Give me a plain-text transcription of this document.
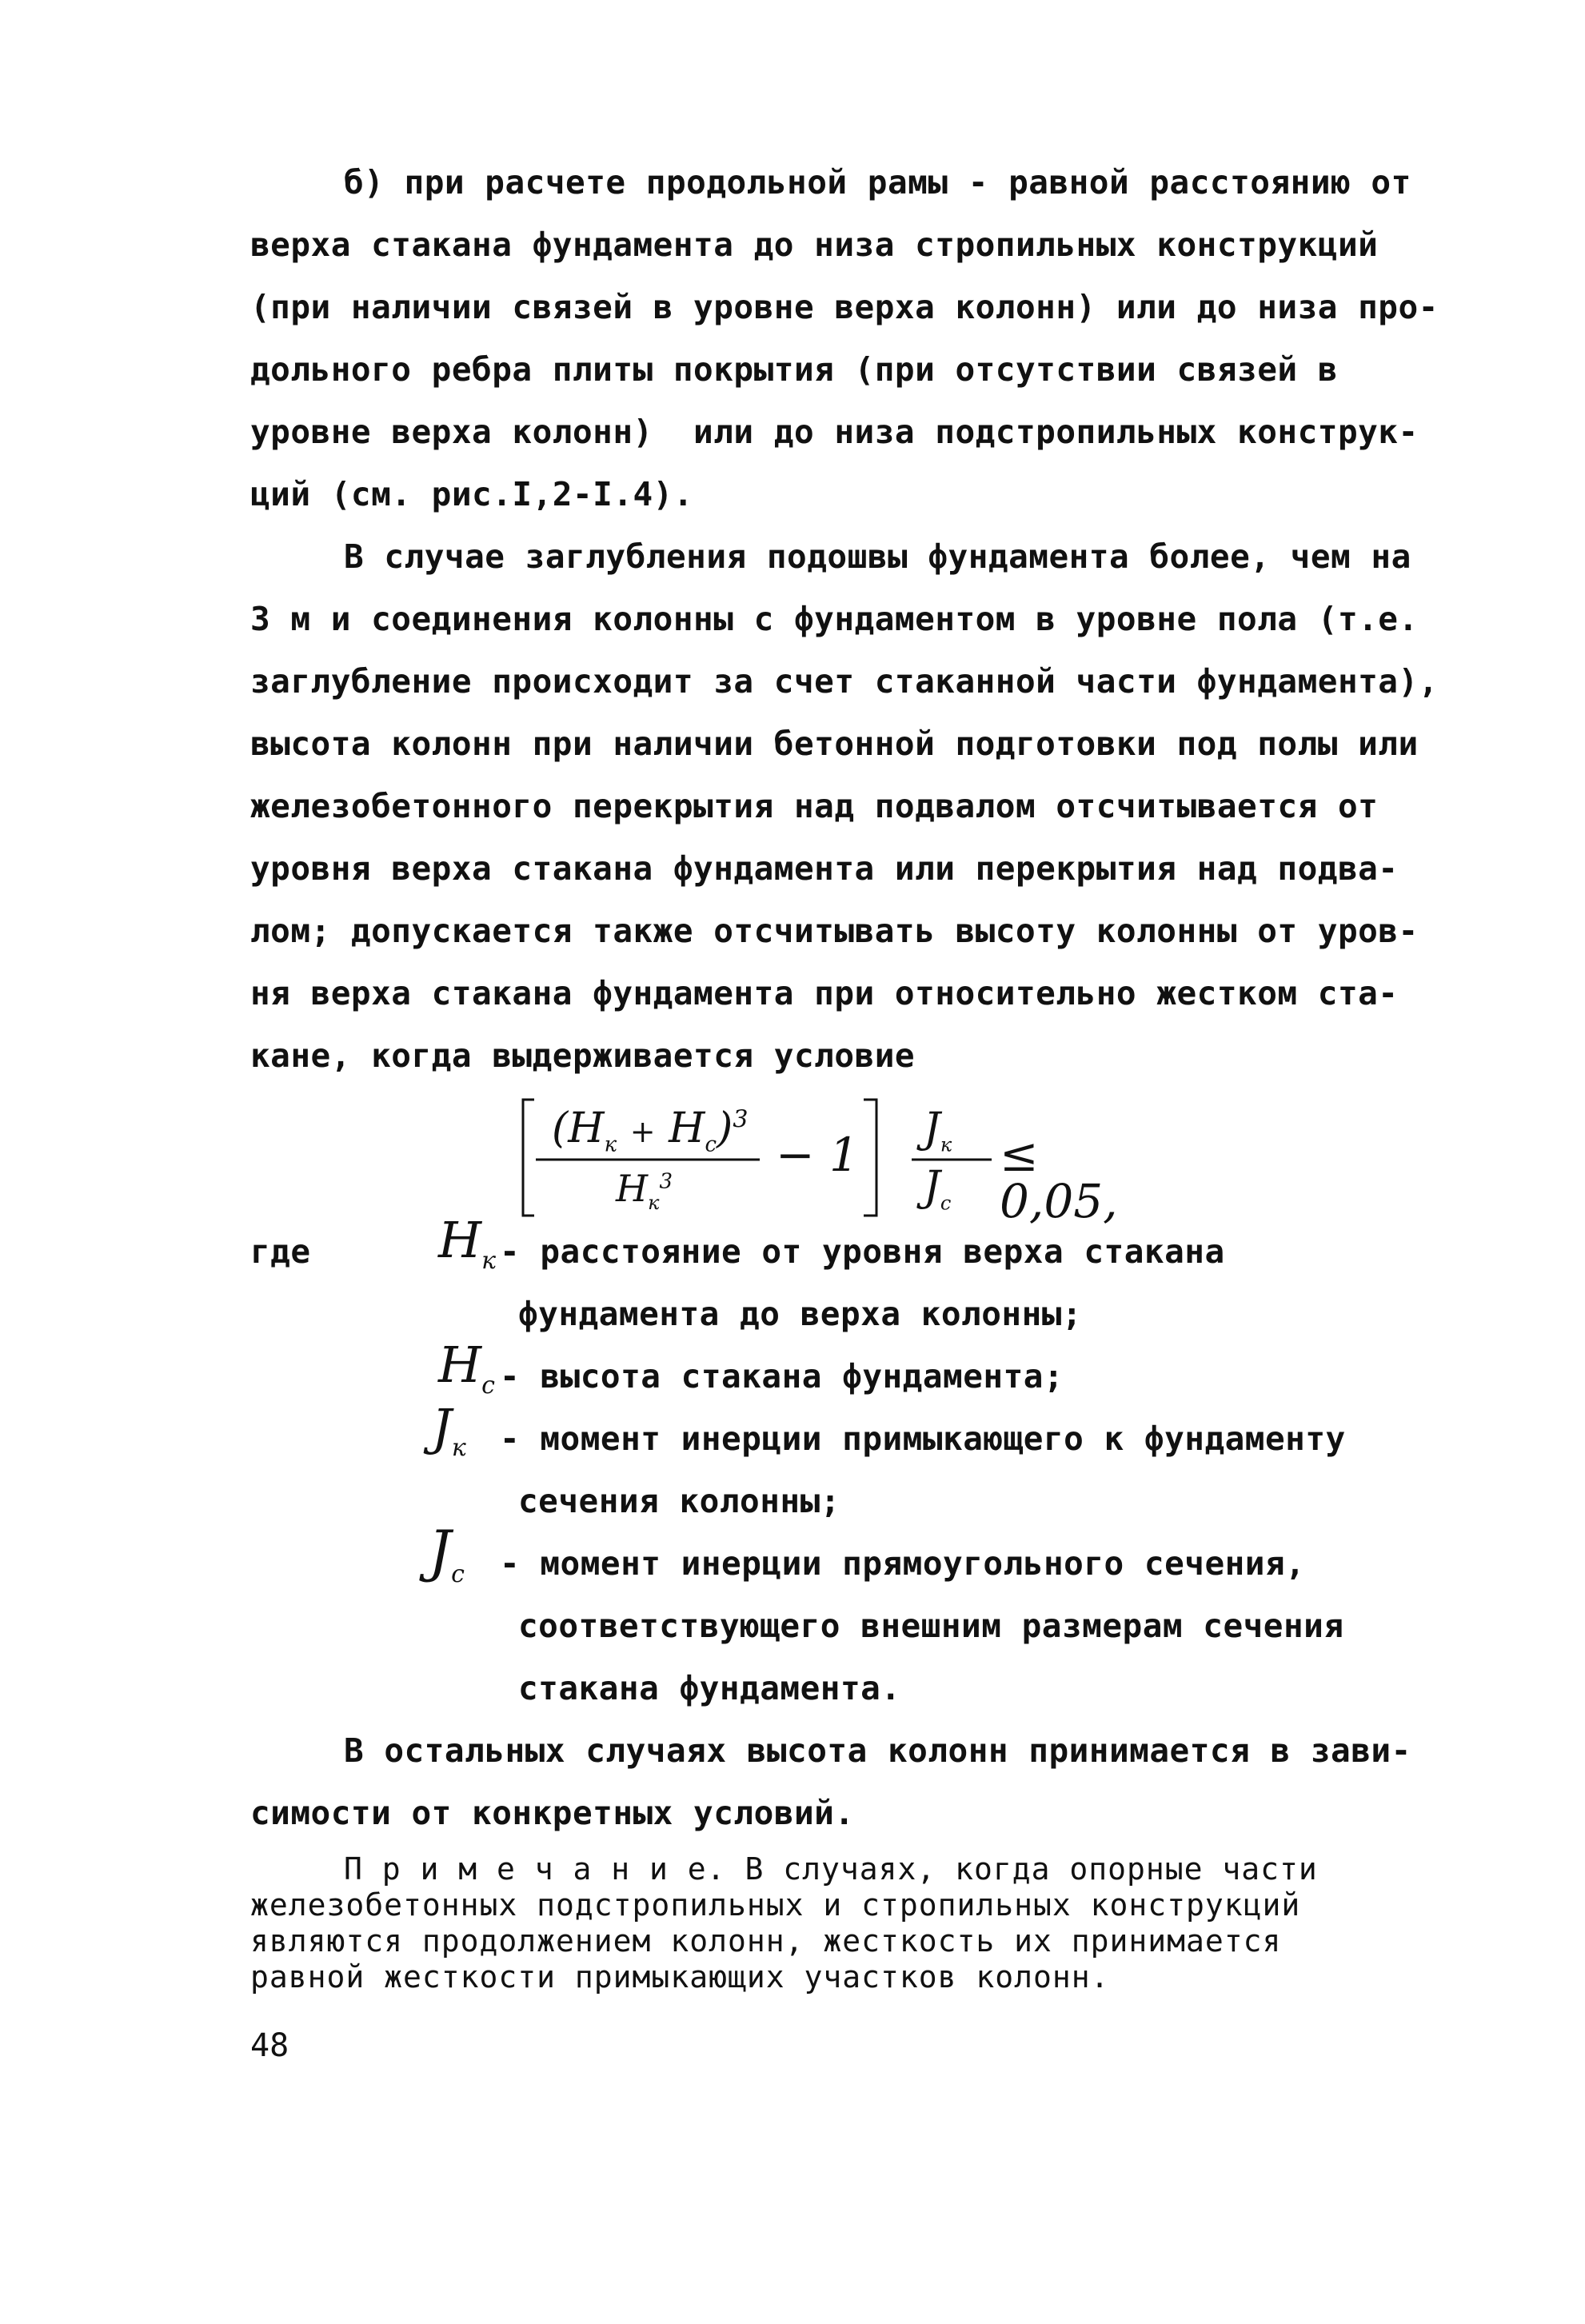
б) при расчете продольной рамы - равной расстоянию от
верха стакана фундамента до низа стропильных конструкций
(при наличии связей в уровне верха колонн) или до низа про-
дольного ребра плиты покрытия (при отсутствии связей в
уровне верха колонн)  или до низа подстропильных конструк-
ций (см. рис.I,2-I.4).
В случае заглубления подошвы фундамента более, чем на
3 м и соединения колонны с фундаментом в уровне пола (т.е.
заглубление происходит за счет стаканной части фундамента),
высота колонн при наличии бетонной подготовки под полы или
железобетонного перекрытия над подвалом отсчитывается от
уровня верха стакана фундамента или перекрытия над подва-
лом; допускается также отсчитывать высоту колонны от уров-
ня верха стакана фундамента при относительно жестком ста-
кане, когда выдерживается условие
$(H_к + H_с)^3$
$H_к^3 - 1$ $J_к$
$J_с$
≤ 0,05,
где	$H_к$ - расстояние от уровня верха стакана
фундамента до верха колонны;
$H_с$ - высота стакана фундамента;
$J_к$ - момент инерции примыкающего к фундаменту
сечения колонны;
$J_с$ - момент инерции прямоугольного сечения,
соответствующего внешним размерам сечения
стакана фундамента.
В остальных случаях высота колонн принимается в зави-
симости от конкретных условий.
П р и м е ч а н и е. В случаях, когда опорные части
железобетонных подстропильных и стропильных конструкций
являются продолжением колонн, жесткость их принимается
равной жесткости примыкающих участков колонн.
48
